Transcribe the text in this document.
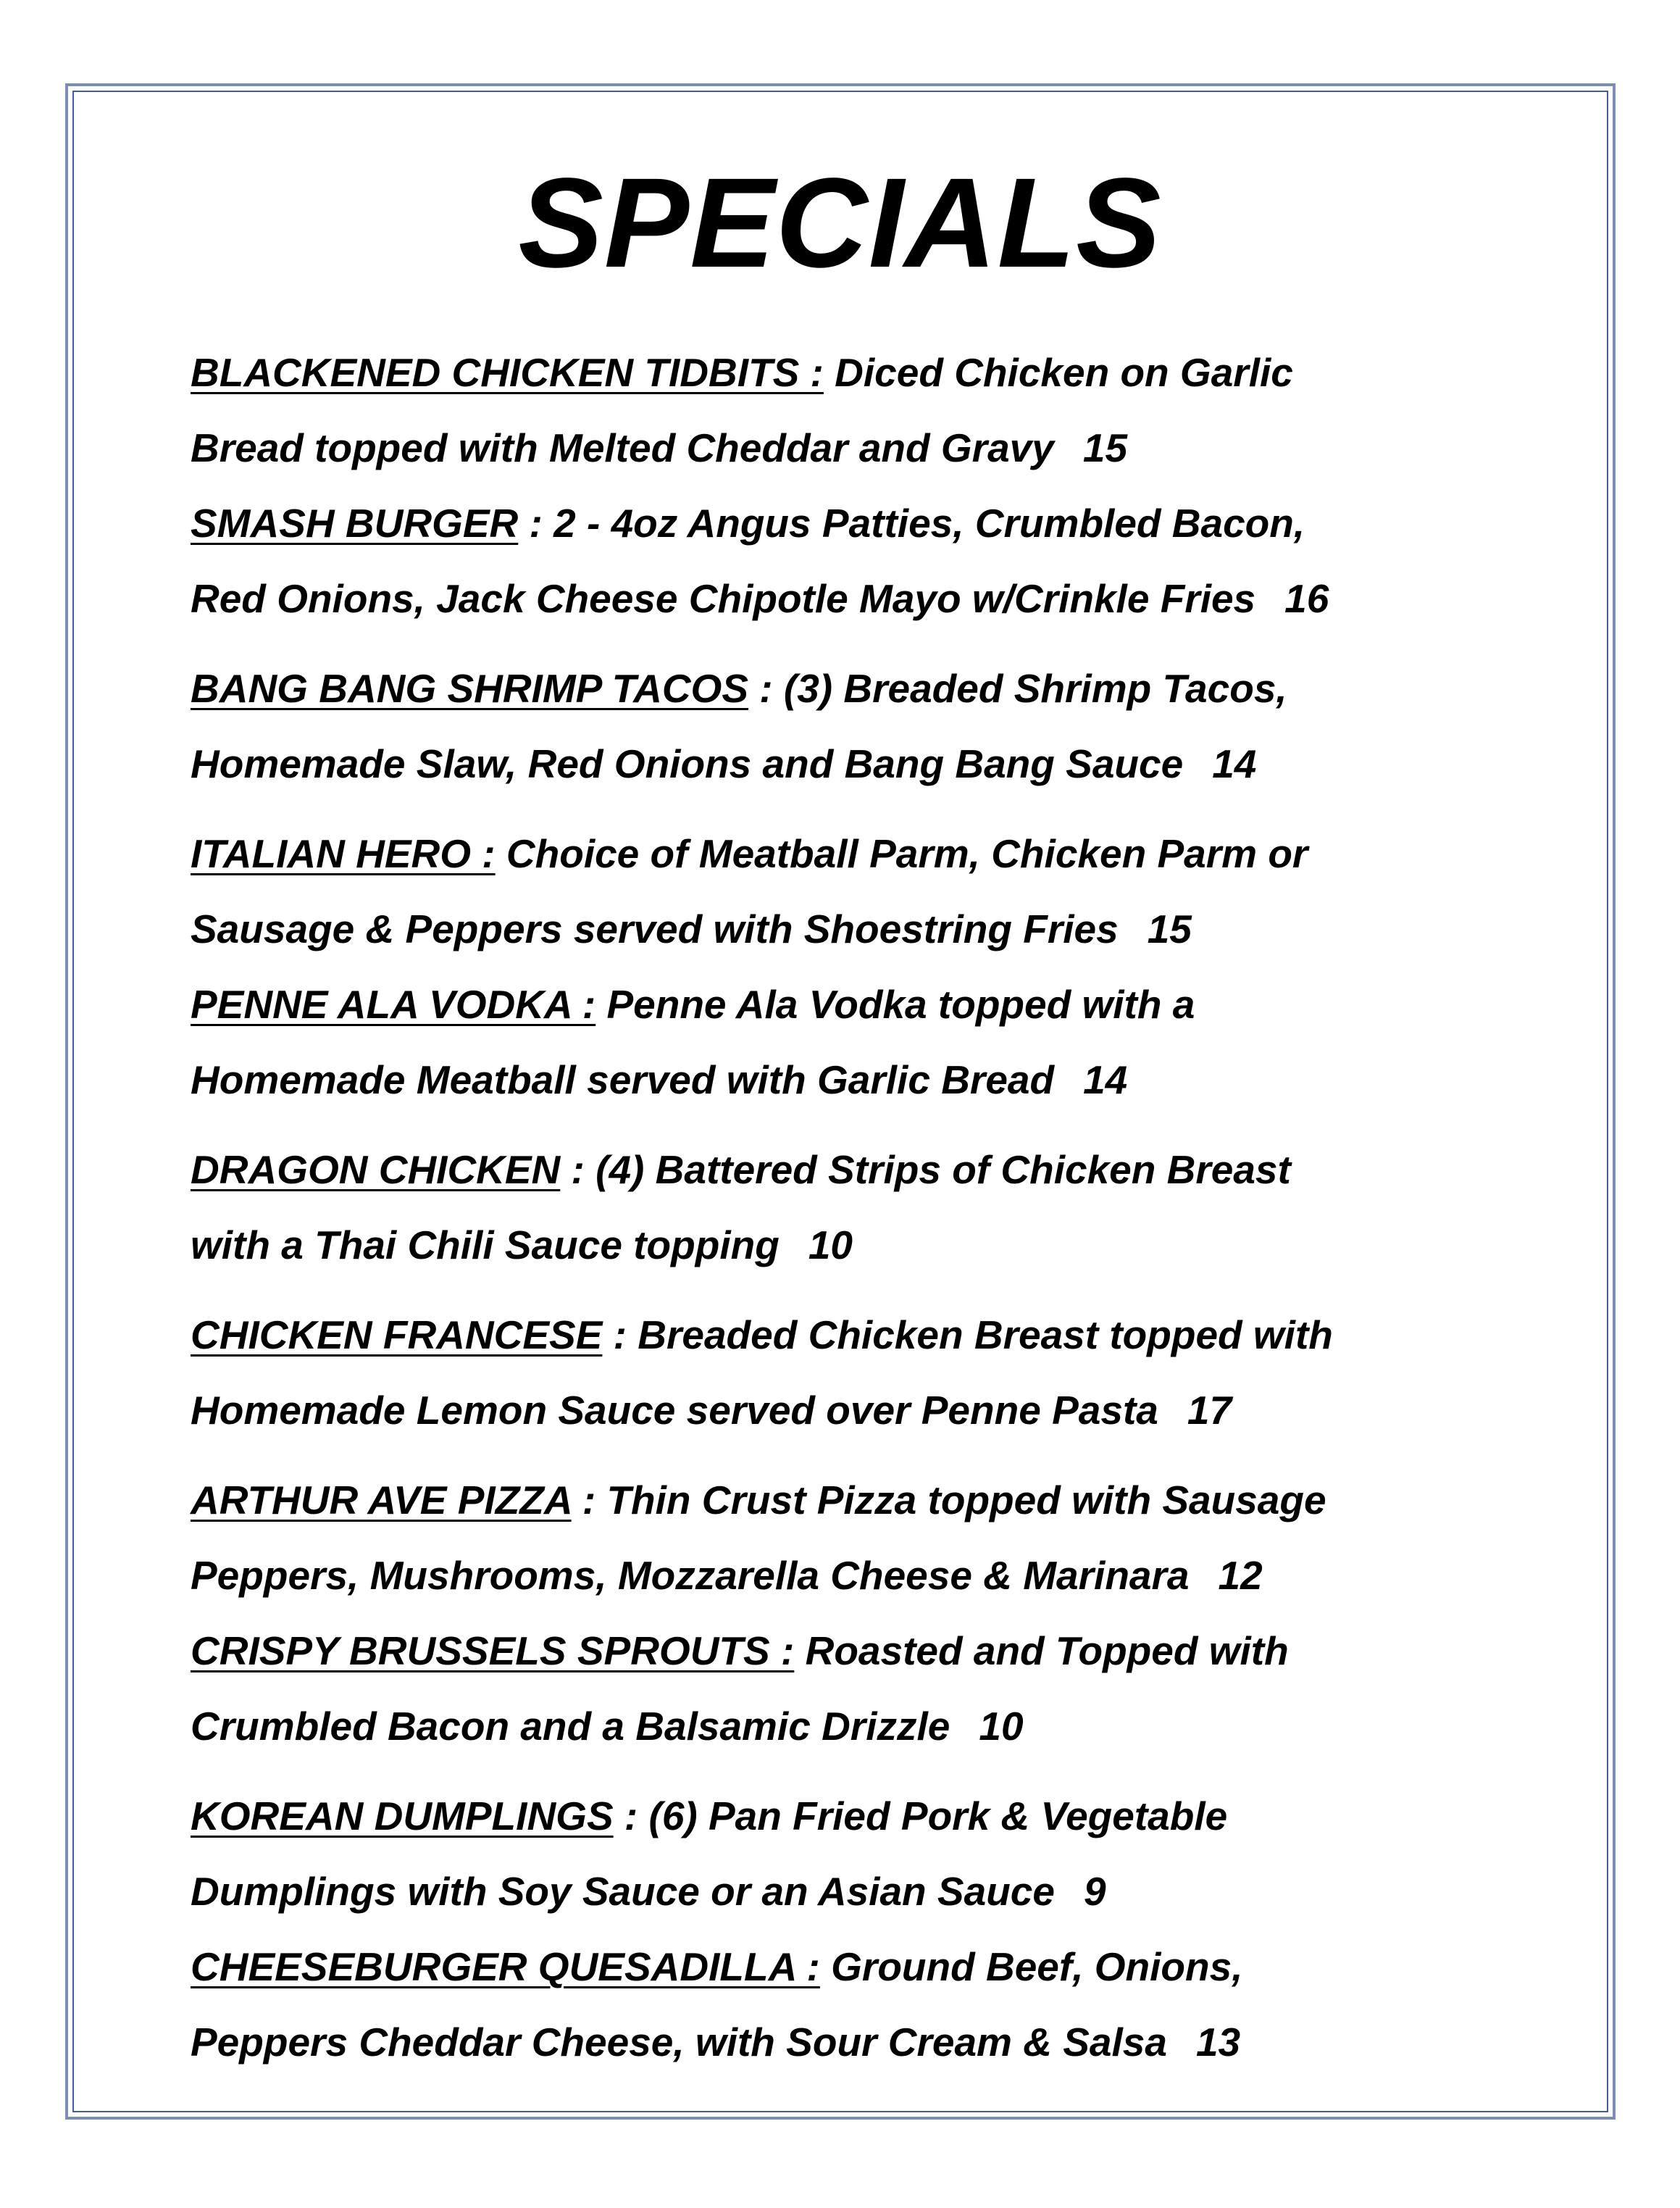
SPECIALS
BLACKENED CHICKEN TIDBITS : Diced Chicken on Garlic
Bread topped with Melted Cheddar and Gravy 15
SMASH BURGER : 2 - 4oz Angus Patties, Crumbled Bacon,
Red Onions, Jack Cheese Chipotle Mayo w/Crinkle Fries 16
BANG BANG SHRIMP TACOS : (3) Breaded Shrimp Tacos,
Homemade Slaw, Red Onions and Bang Bang Sauce 14
ITALIAN HERO : Choice of Meatball Parm, Chicken Parm or
Sausage & Peppers served with Shoestring Fries 15
PENNE ALA VODKA : Penne Ala Vodka topped with a
Homemade Meatball served with Garlic Bread 14
DRAGON CHICKEN : (4) Battered Strips of Chicken Breast
with a Thai Chili Sauce topping 10
CHICKEN FRANCESE : Breaded Chicken Breast topped with
Homemade Lemon Sauce served over Penne Pasta 17
ARTHUR AVE PIZZA : Thin Crust Pizza topped with Sausage
Peppers, Mushrooms, Mozzarella Cheese & Marinara 12
CRISPY BRUSSELS SPROUTS : Roasted and Topped with
Crumbled Bacon and a Balsamic Drizzle 10
KOREAN DUMPLINGS : (6) Pan Fried Pork & Vegetable
Dumplings with Soy Sauce or an Asian Sauce 9
CHEESEBURGER QUESADILLA : Ground Beef, Onions,
Peppers Cheddar Cheese, with Sour Cream & Salsa 13
